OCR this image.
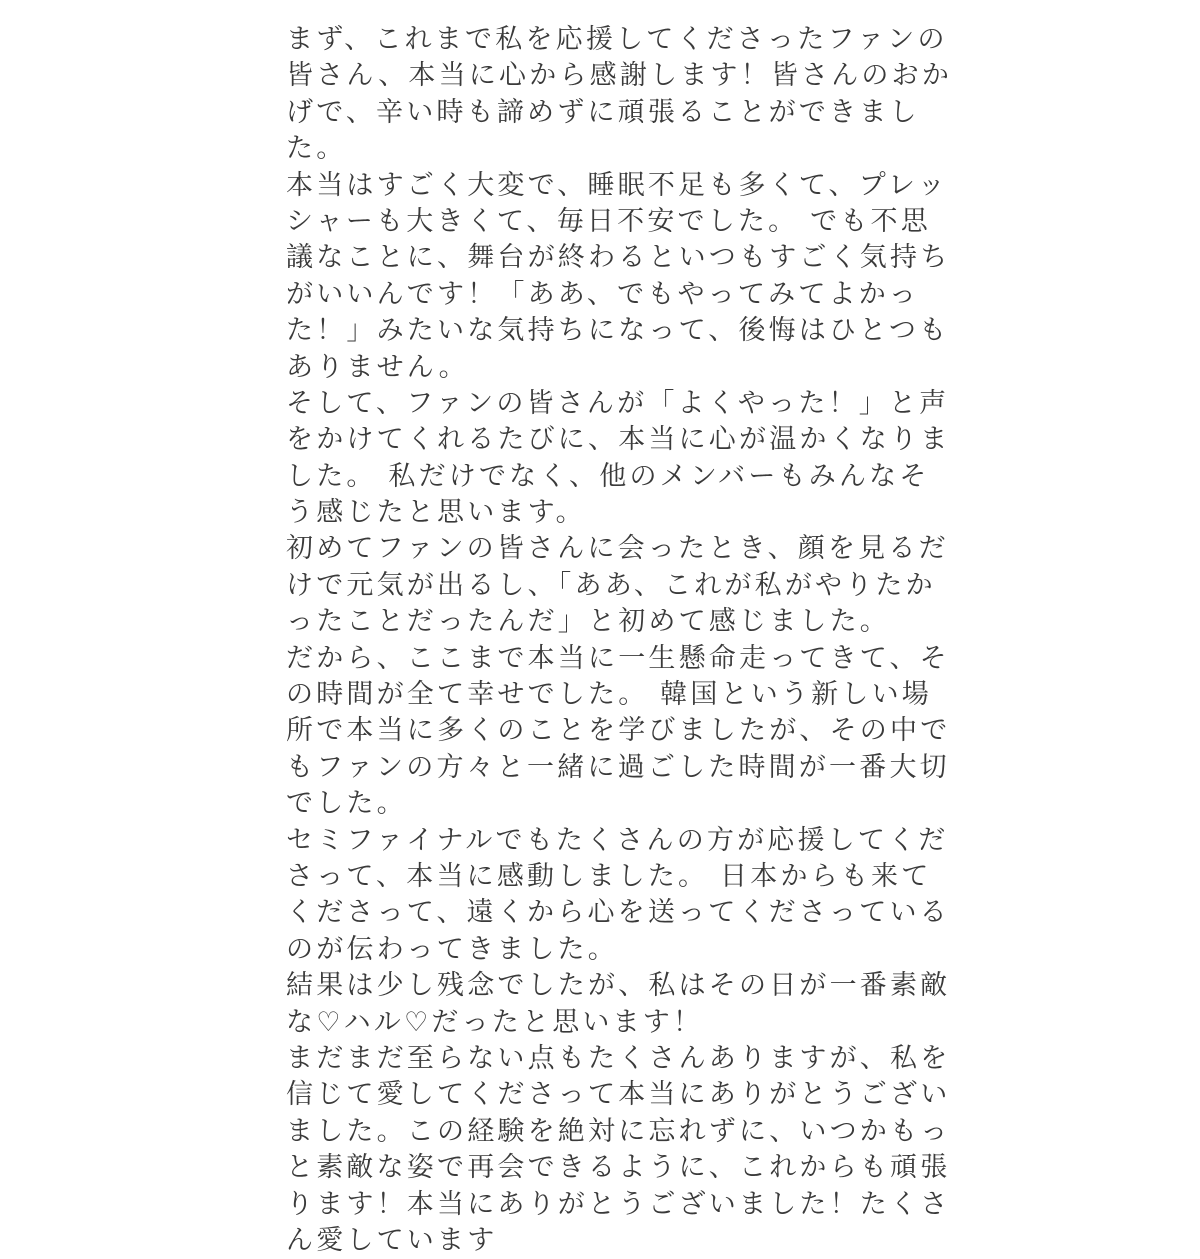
まず、これまで私を応援してくださったファンの
皆さん、本当に心から感謝します！皆さんのおか
げで、辛い時も諦めずに頑張ることができまし
た。
本当はすごく大変で、睡眠不足も多くて、プレッ
シャーも大きくて、毎日不安でした。 でも不思
議なことに、舞台が終わるといつもすごく気持ち
がいいんです！「ああ、でもやってみてよかっ
た！」みたいな気持ちになって、後悔はひとつも
ありません。
そして、ファンの皆さんが「よくやった！」と声
をかけてくれるたびに、本当に心が温かくなりま
した。 私だけでなく、他のメンバーもみんなそ
う感じたと思います。
初めてファンの皆さんに会ったとき、顔を見るだ
けで元気が出るし、「ああ、これが私がやりたか
ったことだったんだ」と初めて感じました。
だから、ここまで本当に一生懸命走ってきて、そ
の時間が全て幸せでした。 韓国という新しい場
所で本当に多くのことを学びましたが、その中で
もファンの方々と一緒に過ごした時間が一番大切
でした。
セミファイナルでもたくさんの方が応援してくだ
さって、本当に感動しました。 日本からも来て
くださって、遠くから心を送ってくださっている
のが伝わってきました。
結果は少し残念でしたが、私はその日が一番素敵
な♡ハル♡だったと思います！
まだまだ至らない点もたくさんありますが、私を
信じて愛してくださって本当にありがとうござい
ました。この経験を絶対に忘れずに、いつかもっ
と素敵な姿で再会できるように、これからも頑張
ります！本当にありがとうございました！たくさ
ん愛しています
